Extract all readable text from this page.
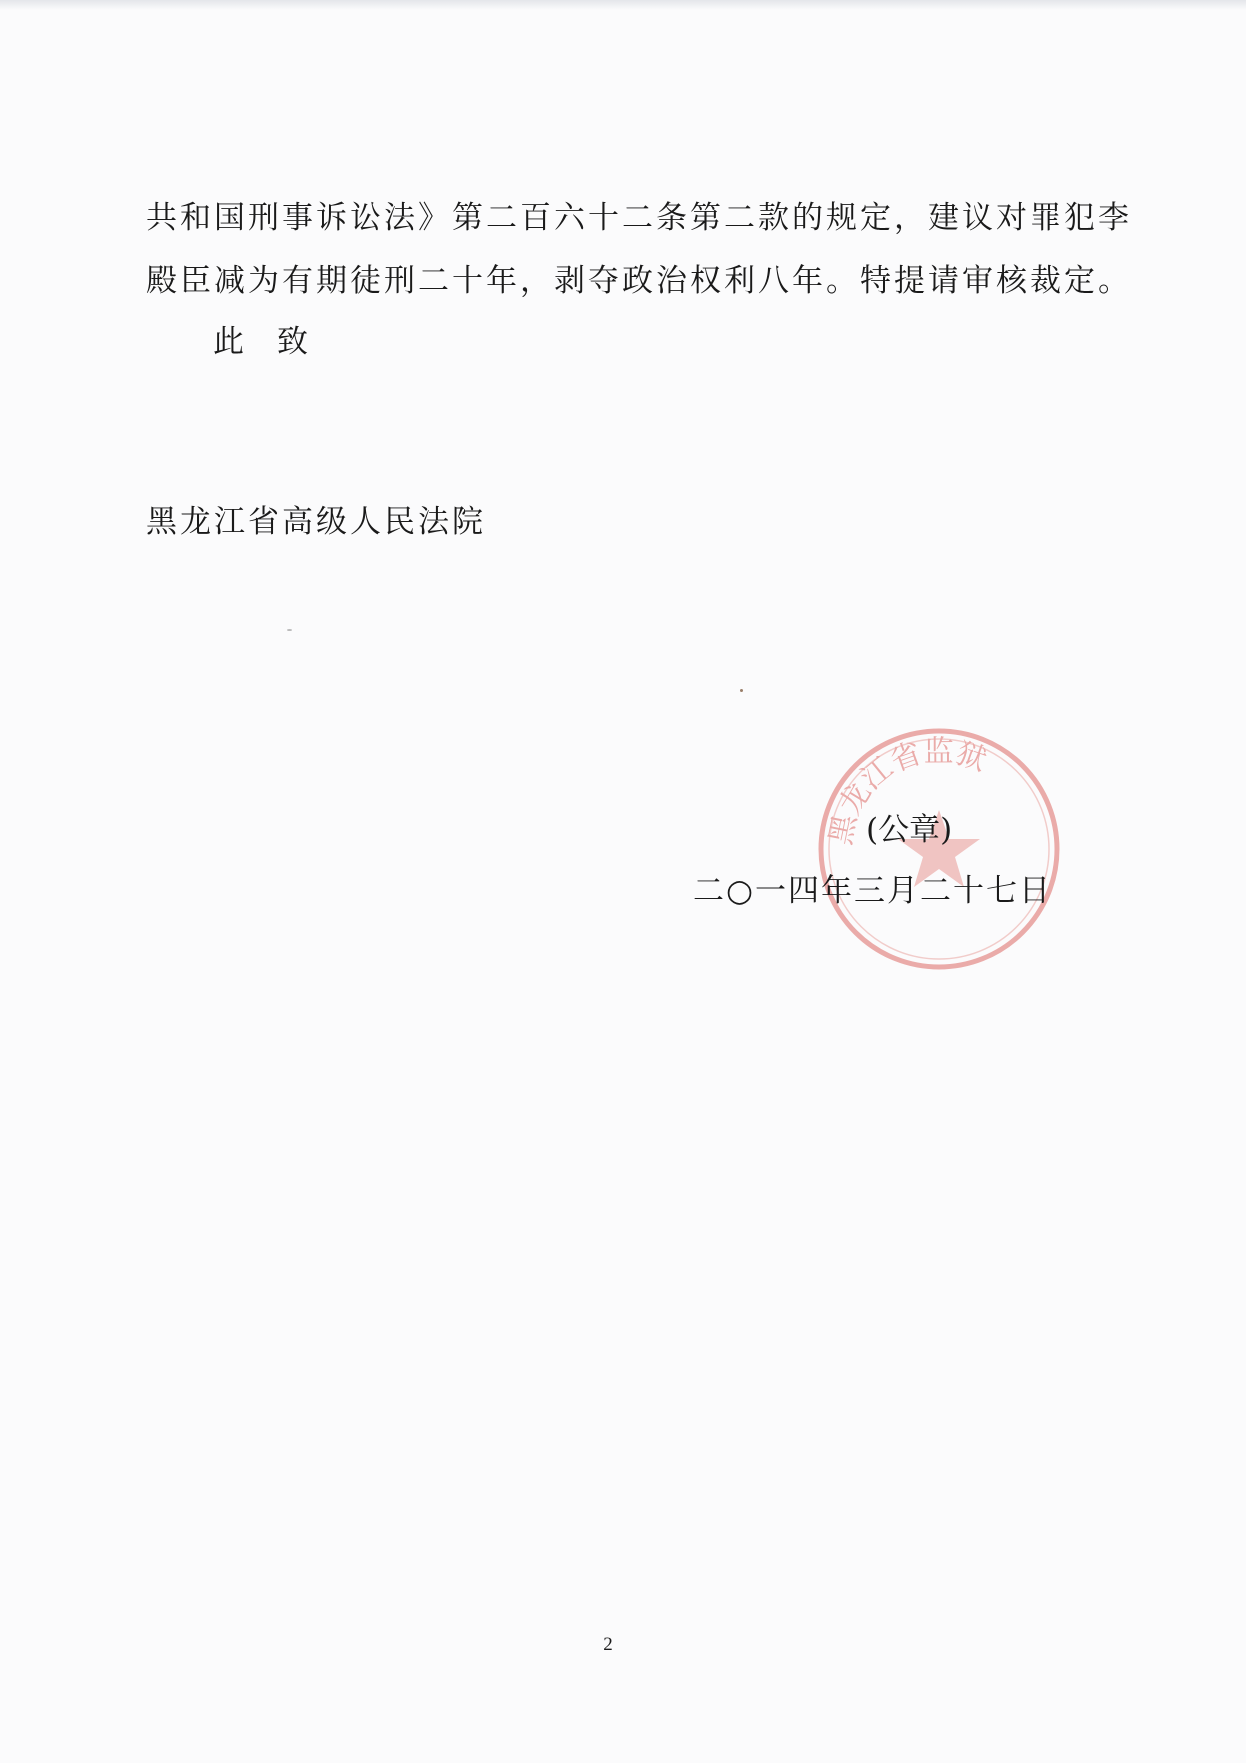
共和国刑事诉讼法》第二百六十二条第二款的规定，建议对罪犯李
殿臣减为有期徒刑二十年，剥夺政治权利八年。特提请审核裁定。
此 致
黑龙江省高级人民法院
黑龙江省监狱
(公章)
二○一四年三月二十七日
2
